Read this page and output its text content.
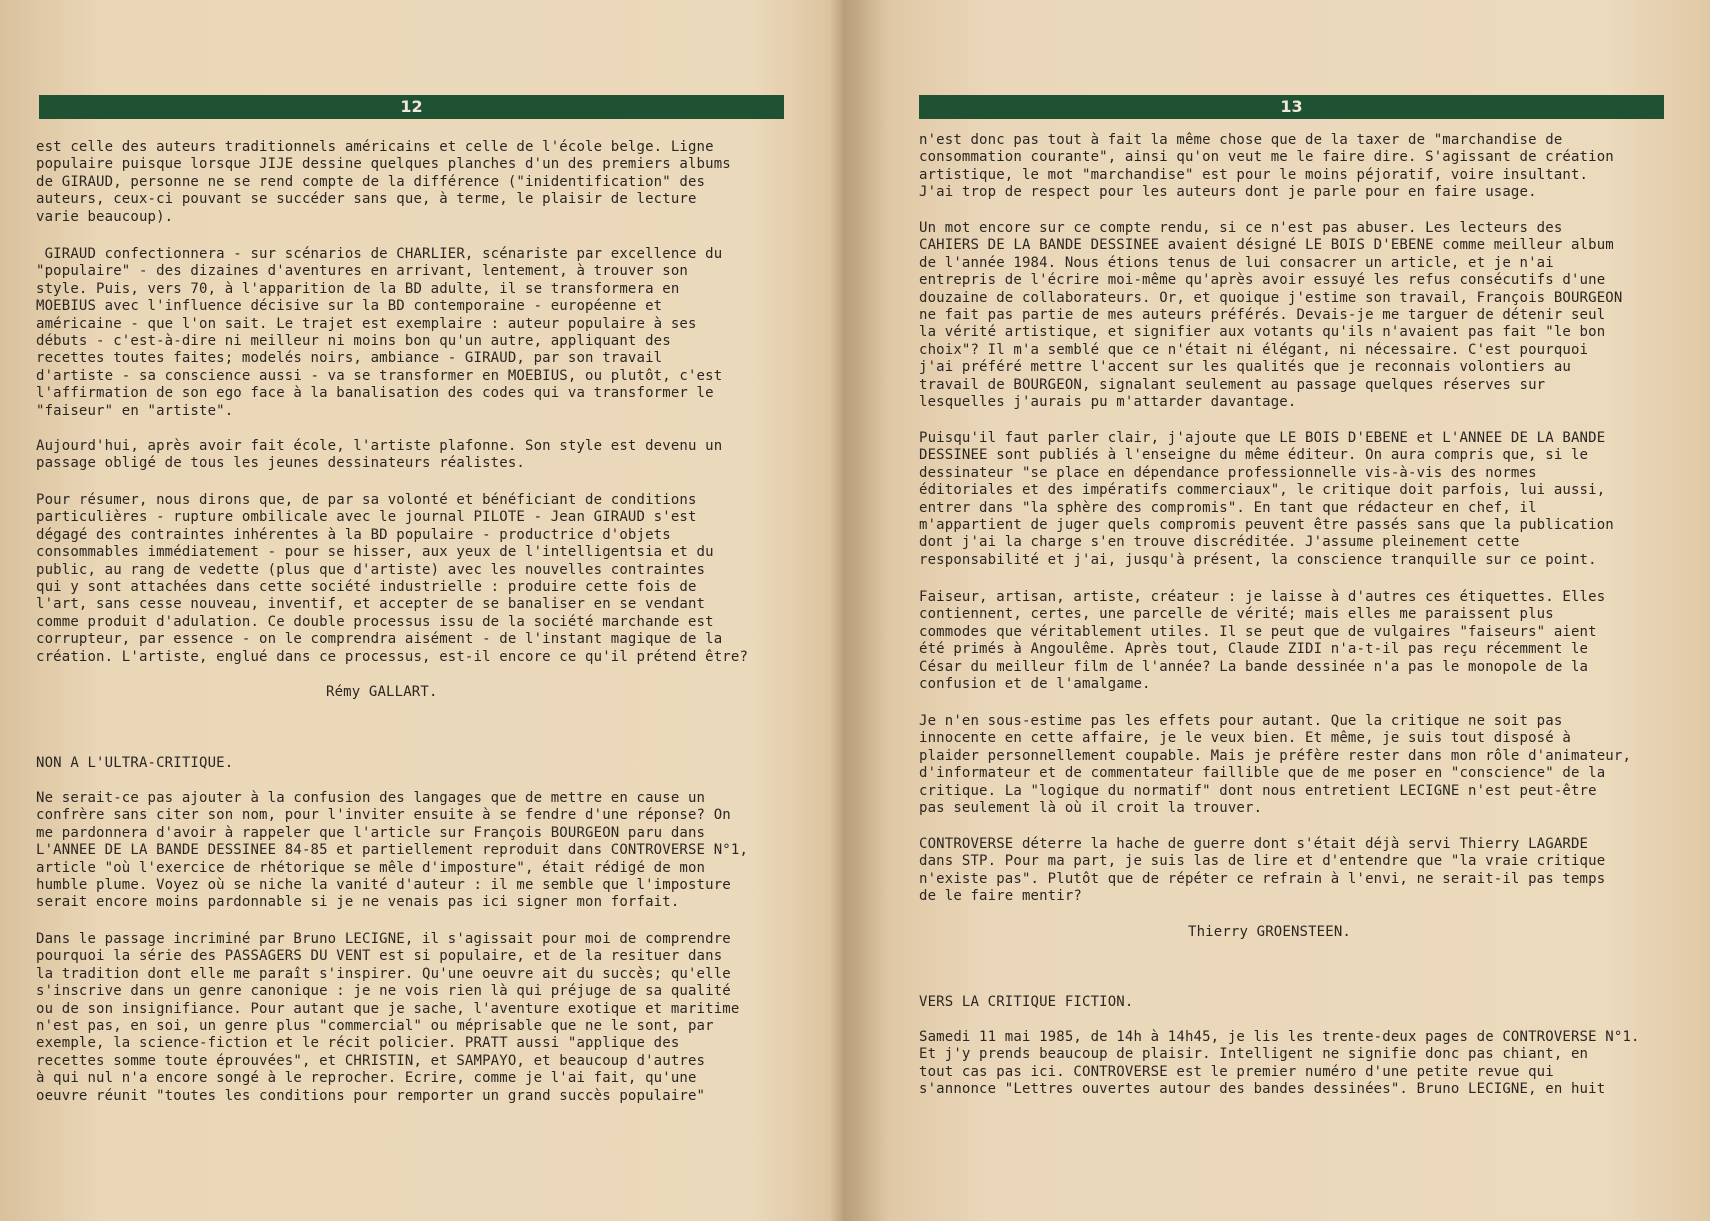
12
est celle des auteurs traditionnels américains et celle de l'école belge. Ligne
populaire puisque lorsque JIJE dessine quelques planches d'un des premiers albums
de GIRAUD, personne ne se rend compte de la différence ("inidentification" des
auteurs, ceux-ci pouvant se succéder sans que, à terme, le plaisir de lecture
varie beaucoup).
GIRAUD confectionnera - sur scénarios de CHARLIER, scénariste par excellence du
"populaire" - des dizaines d'aventures en arrivant, lentement, à trouver son
style. Puis, vers 70, à l'apparition de la BD adulte, il se transformera en
MOEBIUS avec l'influence décisive sur la BD contemporaine - européenne et
américaine - que l'on sait. Le trajet est exemplaire : auteur populaire à ses
débuts - c'est-à-dire ni meilleur ni moins bon qu'un autre, appliquant des
recettes toutes faites; modelés noirs, ambiance - GIRAUD, par son travail
d'artiste - sa conscience aussi - va se transformer en MOEBIUS, ou plutôt, c'est
l'affirmation de son ego face à la banalisation des codes qui va transformer le
"faiseur" en "artiste".
Aujourd'hui, après avoir fait école, l'artiste plafonne. Son style est devenu un
passage obligé de tous les jeunes dessinateurs réalistes.
Pour résumer, nous dirons que, de par sa volonté et bénéficiant de conditions
particulières - rupture ombilicale avec le journal PILOTE - Jean GIRAUD s'est
dégagé des contraintes inhérentes à la BD populaire - productrice d'objets
consommables immédiatement - pour se hisser, aux yeux de l'intelligentsia et du
public, au rang de vedette (plus que d'artiste) avec les nouvelles contraintes
qui y sont attachées dans cette société industrielle : produire cette fois de
l'art, sans cesse nouveau, inventif, et accepter de se banaliser en se vendant
comme produit d'adulation. Ce double processus issu de la société marchande est
corrupteur, par essence - on le comprendra aisément - de l'instant magique de la
création. L'artiste, englué dans ce processus, est-il encore ce qu'il prétend être?
Rémy GALLART.
NON A L'ULTRA-CRITIQUE.
Ne serait-ce pas ajouter à la confusion des langages que de mettre en cause un
confrère sans citer son nom, pour l'inviter ensuite à se fendre d'une réponse? On
me pardonnera d'avoir à rappeler que l'article sur François BOURGEON paru dans
L'ANNEE DE LA BANDE DESSINEE 84-85 et partiellement reproduit dans CONTROVERSE N°1,
article "où l'exercice de rhétorique se mêle d'imposture", était rédigé de mon
humble plume. Voyez où se niche la vanité d'auteur : il me semble que l'imposture
serait encore moins pardonnable si je ne venais pas ici signer mon forfait.
Dans le passage incriminé par Bruno LECIGNE, il s'agissait pour moi de comprendre
pourquoi la série des PASSAGERS DU VENT est si populaire, et de la resituer dans
la tradition dont elle me paraît s'inspirer. Qu'une oeuvre ait du succès; qu'elle
s'inscrive dans un genre canonique : je ne vois rien là qui préjuge de sa qualité
ou de son insignifiance. Pour autant que je sache, l'aventure exotique et maritime
n'est pas, en soi, un genre plus "commercial" ou méprisable que ne le sont, par
exemple, la science-fiction et le récit policier. PRATT aussi "applique des
recettes somme toute éprouvées", et CHRISTIN, et SAMPAYO, et beaucoup d'autres
à qui nul n'a encore songé à le reprocher. Ecrire, comme je l'ai fait, qu'une
oeuvre réunit "toutes les conditions pour remporter un grand succès populaire"
13
n'est donc pas tout à fait la même chose que de la taxer de "marchandise de
consommation courante", ainsi qu'on veut me le faire dire. S'agissant de création
artistique, le mot "marchandise" est pour le moins péjoratif, voire insultant.
J'ai trop de respect pour les auteurs dont je parle pour en faire usage.
Un mot encore sur ce compte rendu, si ce n'est pas abuser. Les lecteurs des
CAHIERS DE LA BANDE DESSINEE avaient désigné LE BOIS D'EBENE comme meilleur album
de l'année 1984. Nous étions tenus de lui consacrer un article, et je n'ai
entrepris de l'écrire moi-même qu'après avoir essuyé les refus consécutifs d'une
douzaine de collaborateurs. Or, et quoique j'estime son travail, François BOURGEON
ne fait pas partie de mes auteurs préférés. Devais-je me targuer de détenir seul
la vérité artistique, et signifier aux votants qu'ils n'avaient pas fait "le bon
choix"? Il m'a semblé que ce n'était ni élégant, ni nécessaire. C'est pourquoi
j'ai préféré mettre l'accent sur les qualités que je reconnais volontiers au
travail de BOURGEON, signalant seulement au passage quelques réserves sur
lesquelles j'aurais pu m'attarder davantage.
Puisqu'il faut parler clair, j'ajoute que LE BOIS D'EBENE et L'ANNEE DE LA BANDE
DESSINEE sont publiés à l'enseigne du même éditeur. On aura compris que, si le
dessinateur "se place en dépendance professionnelle vis-à-vis des normes
éditoriales et des impératifs commerciaux", le critique doit parfois, lui aussi,
entrer dans "la sphère des compromis". En tant que rédacteur en chef, il
m'appartient de juger quels compromis peuvent être passés sans que la publication
dont j'ai la charge s'en trouve discréditée. J'assume pleinement cette
responsabilité et j'ai, jusqu'à présent, la conscience tranquille sur ce point.
Faiseur, artisan, artiste, créateur : je laisse à d'autres ces étiquettes. Elles
contiennent, certes, une parcelle de vérité; mais elles me paraissent plus
commodes que véritablement utiles. Il se peut que de vulgaires "faiseurs" aient
été primés à Angoulême. Après tout, Claude ZIDI n'a-t-il pas reçu récemment le
César du meilleur film de l'année? La bande dessinée n'a pas le monopole de la
confusion et de l'amalgame.
Je n'en sous-estime pas les effets pour autant. Que la critique ne soit pas
innocente en cette affaire, je le veux bien. Et même, je suis tout disposé à
plaider personnellement coupable. Mais je préfère rester dans mon rôle d'animateur,
d'informateur et de commentateur faillible que de me poser en "conscience" de la
critique. La "logique du normatif" dont nous entretient LECIGNE n'est peut-être
pas seulement là où il croit la trouver.
CONTROVERSE déterre la hache de guerre dont s'était déjà servi Thierry LAGARDE
dans STP. Pour ma part, je suis las de lire et d'entendre que "la vraie critique
n'existe pas". Plutôt que de répéter ce refrain à l'envi, ne serait-il pas temps
de le faire mentir?
Thierry GROENSTEEN.
VERS LA CRITIQUE FICTION.
Samedi 11 mai 1985, de 14h à 14h45, je lis les trente-deux pages de CONTROVERSE N°1.
Et j'y prends beaucoup de plaisir. Intelligent ne signifie donc pas chiant, en
tout cas pas ici. CONTROVERSE est le premier numéro d'une petite revue qui
s'annonce "Lettres ouvertes autour des bandes dessinées". Bruno LECIGNE, en huit
